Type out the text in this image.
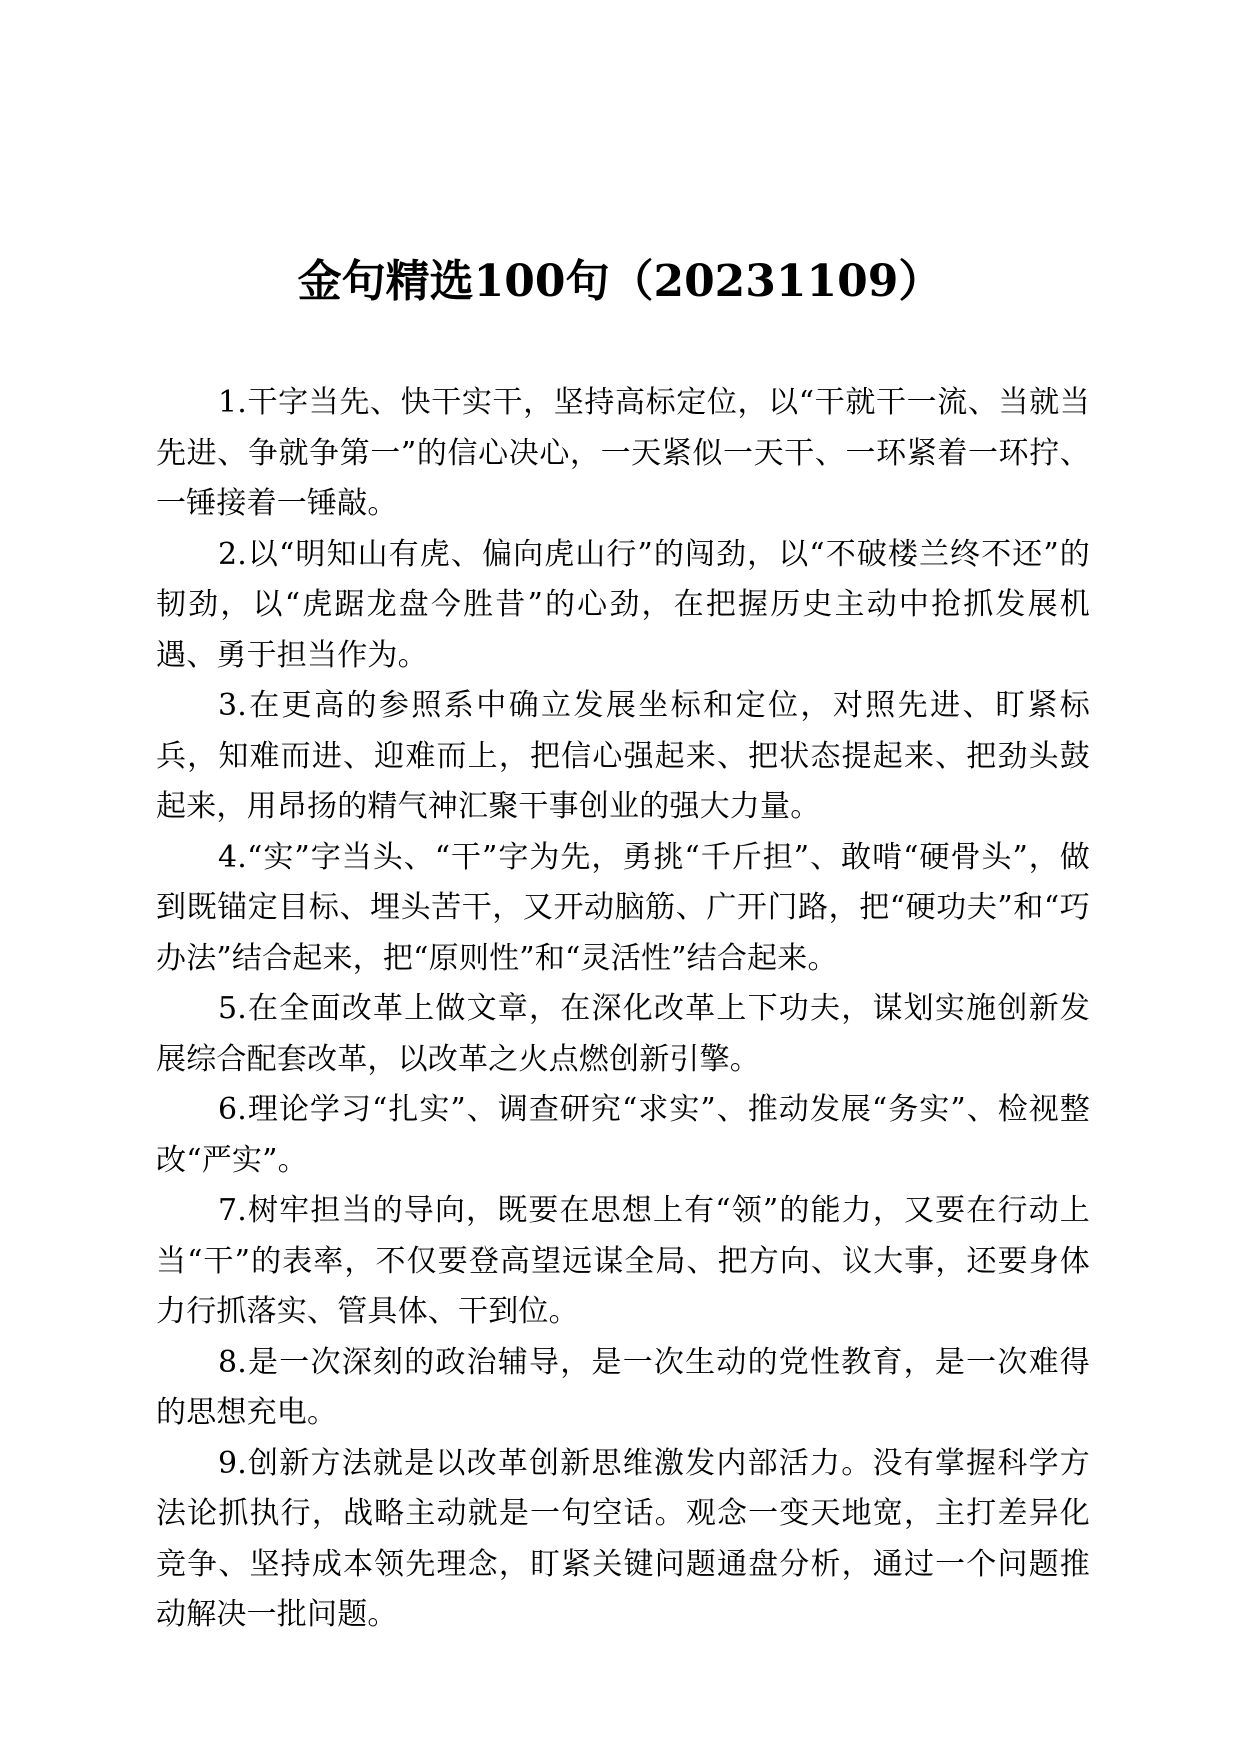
金句精选100句（20231109）

1.干字当先、快干实干，坚持高标定位，以“干就干一流、当就当先进、争就争第一”的信心决心，一天紧似一天干、一环紧着一环拧、一锤接着一锤敲。

2.以“明知山有虎、偏向虎山行”的闯劲，以“不破楼兰终不还”的韧劲，以“虎踞龙盘今胜昔”的心劲，在把握历史主动中抢抓发展机遇、勇于担当作为。

3.在更高的参照系中确立发展坐标和定位，对照先进、盯紧标兵，知难而进、迎难而上，把信心强起来、把状态提起来、把劲头鼓起来，用昂扬的精气神汇聚干事创业的强大力量。

4.“实”字当头、“干”字为先，勇挑“千斤担”、敢啃“硬骨头”，做到既锚定目标、埋头苦干，又开动脑筋、广开门路，把“硬功夫”和“巧办法”结合起来，把“原则性”和“灵活性”结合起来。

5.在全面改革上做文章，在深化改革上下功夫，谋划实施创新发展综合配套改革，以改革之火点燃创新引擎。

6.理论学习“扎实”、调查研究“求实”、推动发展“务实”、检视整改“严实”。

7.树牢担当的导向，既要在思想上有“领”的能力，又要在行动上当“干”的表率，不仅要登高望远谋全局、把方向、议大事，还要身体力行抓落实、管具体、干到位。

8.是一次深刻的政治辅导，是一次生动的党性教育，是一次难得的思想充电。

9.创新方法就是以改革创新思维激发内部活力。没有掌握科学方法论抓执行，战略主动就是一句空话。观念一变天地宽，主打差异化竞争、坚持成本领先理念，盯紧关键问题通盘分析，通过一个问题推动解决一批问题。
